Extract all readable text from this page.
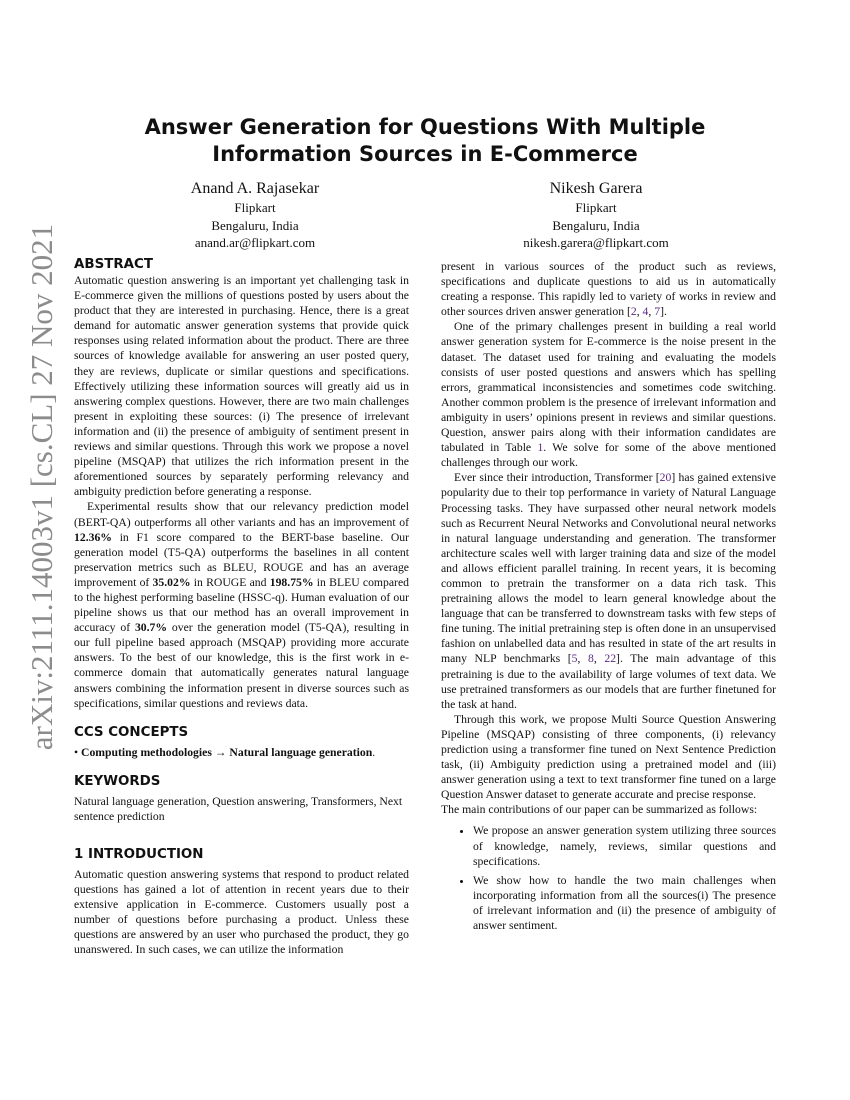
arXiv:2111.14003v1 [cs.CL] 27 Nov 2021
Answer Generation for Questions With Multiple Information Sources in E-Commerce
Anand A. Rajasekar
Flipkart
Bengaluru, India
anand.ar@flipkart.com
Nikesh Garera
Flipkart
Bengaluru, India
nikesh.garera@flipkart.com
ABSTRACT

Automatic question answering is an important yet challenging task in E-commerce given the millions of questions posted by users about the product that they are interested in purchasing. Hence, there is a great demand for automatic answer generation systems that provide quick responses using related information about the product. There are three sources of knowledge available for answering an user posted query, they are reviews, duplicate or similar questions and specifications. Effectively utilizing these information sources will greatly aid us in answering complex questions. However, there are two main challenges present in exploiting these sources: (i) The presence of irrelevant information and (ii) the presence of ambiguity of sentiment present in reviews and similar questions. Through this work we propose a novel pipeline (MSQAP) that utilizes the rich information present in the aforementioned sources by separately performing relevancy and ambiguity prediction before generating a response.

Experimental results show that our relevancy prediction model (BERT-QA) outperforms all other variants and has an improvement of 12.36% in F1 score compared to the BERT-base baseline. Our generation model (T5-QA) outperforms the baselines in all content preservation metrics such as BLEU, ROUGE and has an average improvement of 35.02% in ROUGE and 198.75% in BLEU compared to the highest performing baseline (HSSC-q). Human evaluation of our pipeline shows us that our method has an overall improvement in accuracy of 30.7% over the generation model (T5-QA), resulting in our full pipeline based approach (MSQAP) providing more accurate answers. To the best of our knowledge, this is the first work in e-commerce domain that automatically generates natural language answers combining the information present in diverse sources such as specifications, similar questions and reviews data.

CCS CONCEPTS

• Computing methodologies → Natural language generation.

KEYWORDS

Natural language generation, Question answering, Transformers, Next sentence prediction

1 INTRODUCTION

Automatic question answering systems that respond to product related questions has gained a lot of attention in recent years due to their extensive application in E-commerce. Customers usually post a number of questions before purchasing a product. Unless these questions are answered by an user who purchased the product, they go unanswered. In such cases, we can utilize the information

present in various sources of the product such as reviews, specifications and duplicate questions to aid us in automatically creating a response. This rapidly led to variety of works in review and other sources driven answer generation [2, 4, 7].

One of the primary challenges present in building a real world answer generation system for E-commerce is the noise present in the dataset. The dataset used for training and evaluating the models consists of user posted questions and answers which has spelling errors, grammatical inconsistencies and sometimes code switching. Another common problem is the presence of irrelevant information and ambiguity in users’ opinions present in reviews and similar questions. Question, answer pairs along with their information candidates are tabulated in Table 1. We solve for some of the above mentioned challenges through our work.

Ever since their introduction, Transformer [20] has gained extensive popularity due to their top performance in variety of Natural Language Processing tasks. They have surpassed other neural network models such as Recurrent Neural Networks and Convolutional neural networks in natural language understanding and generation. The transformer architecture scales well with larger training data and size of the model and allows efficient parallel training. In recent years, it is becoming common to pretrain the transformer on a data rich task. This pretraining allows the model to learn general knowledge about the language that can be transferred to downstream tasks with few steps of fine tuning. The initial pretraining step is often done in an unsupervised fashion on unlabelled data and has resulted in state of the art results in many NLP benchmarks [5, 8, 22]. The main advantage of this pretraining is due to the availability of large volumes of text data. We use pretrained transformers as our models that are further finetuned for the task at hand.

Through this work, we propose Multi Source Question Answering Pipeline (MSQAP) consisting of three components, (i) relevancy prediction using a transformer fine tuned on Next Sentence Prediction task, (ii) Ambiguity prediction using a pretrained model and (iii) answer generation using a text to text transformer fine tuned on a large Question Answer dataset to generate accurate and precise response.

The main contributions of our paper can be summarized as follows:

• We propose an answer generation system utilizing three sources of knowledge, namely, reviews, similar questions and specifications.
• We show how to handle the two main challenges when incorporating information from all the sources(i) The presence of irrelevant information and (ii) the presence of ambiguity of answer sentiment.
